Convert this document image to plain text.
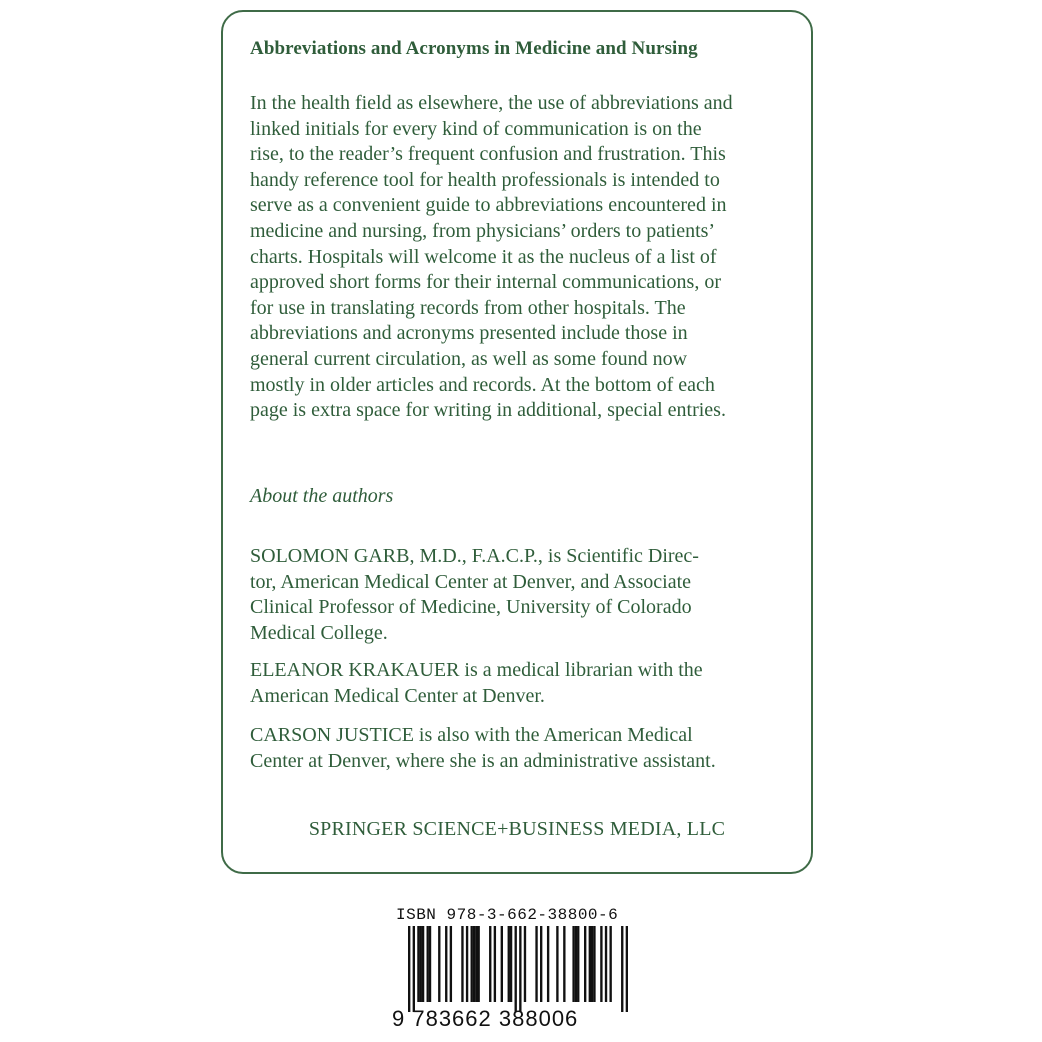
Abbreviations and Acronyms in Medicine and Nursing
In the health field as elsewhere, the use of abbreviations and
linked initials for every kind of communication is on the
rise, to the reader’s frequent confusion and frustration. This
handy reference tool for health professionals is intended to
serve as a convenient guide to abbreviations encountered in
medicine and nursing, from physicians’ orders to patients’
charts. Hospitals will welcome it as the nucleus of a list of
approved short forms for their internal communications, or
for use in translating records from other hospitals. The
abbreviations and acronyms presented include those in
general current circulation, as well as some found now
mostly in older articles and records. At the bottom of each
page is extra space for writing in additional, special entries.
About the authors
SOLOMON GARB, M.D., F.A.C.P., is Scientific Direc-
tor, American Medical Center at Denver, and Associate
Clinical Professor of Medicine, University of Colorado
Medical College.
ELEANOR KRAKAUER is a medical librarian with the
American Medical Center at Denver.
CARSON JUSTICE is also with the American Medical
Center at Denver, where she is an administrative assistant.
SPRINGER SCIENCE+BUSINESS MEDIA, LLC
ISBN 978-3-662-38800-6
9 783662 388006
